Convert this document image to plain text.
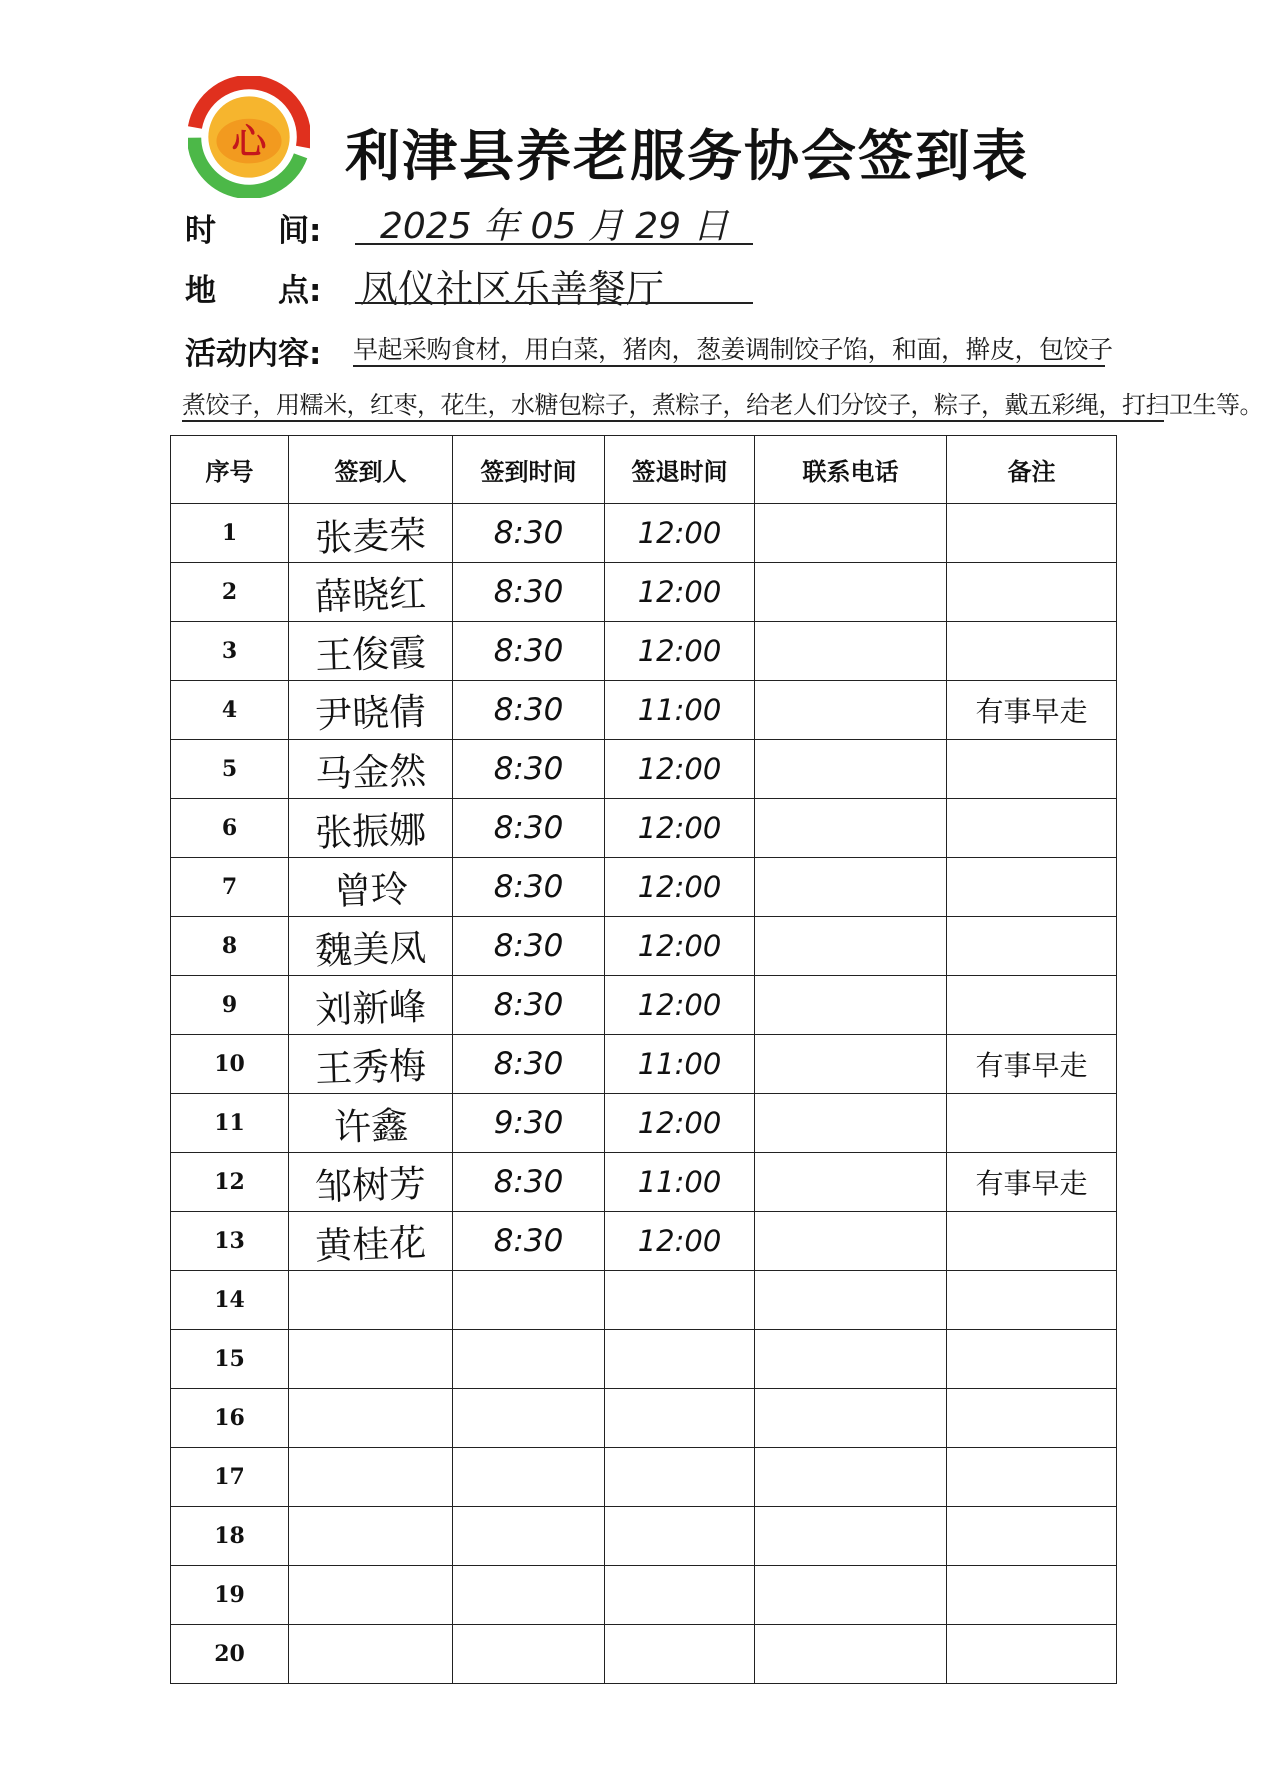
心 利津县养老服务协会签到表
时　　间: 2025 年 05 月 29 日
地　　点: 凤仪社区乐善餐厅
活动内容: 早起采购食材，用白菜，猪肉，葱姜调制饺子馅，和面，擀皮，包饺子
煮饺子，用糯米，红枣，花生，水糖包粽子，煮粽子，给老人们分饺子，粽子，戴五彩绳，打扫卫生等。
序号	签到人	签到时间	签退时间	联系电话	备注
1	张麦荣	8:30	12:00		
2	薛晓红	8:30	12:00		
3	王俊霞	8:30	12:00		
4	尹晓倩	8:30	11:00		有事早走
5	马金然	8:30	12:00		
6	张振娜	8:30	12:00		
7	曾玲	8:30	12:00		
8	魏美凤	8:30	12:00		
9	刘新峰	8:30	12:00		
10	王秀梅	8:30	11:00		有事早走
11	许鑫	9:30	12:00		
12	邹树芳	8:30	11:00		有事早走
13	黄桂花	8:30	12:00		
14					
15					
16					
17					
18					
19					
20					
